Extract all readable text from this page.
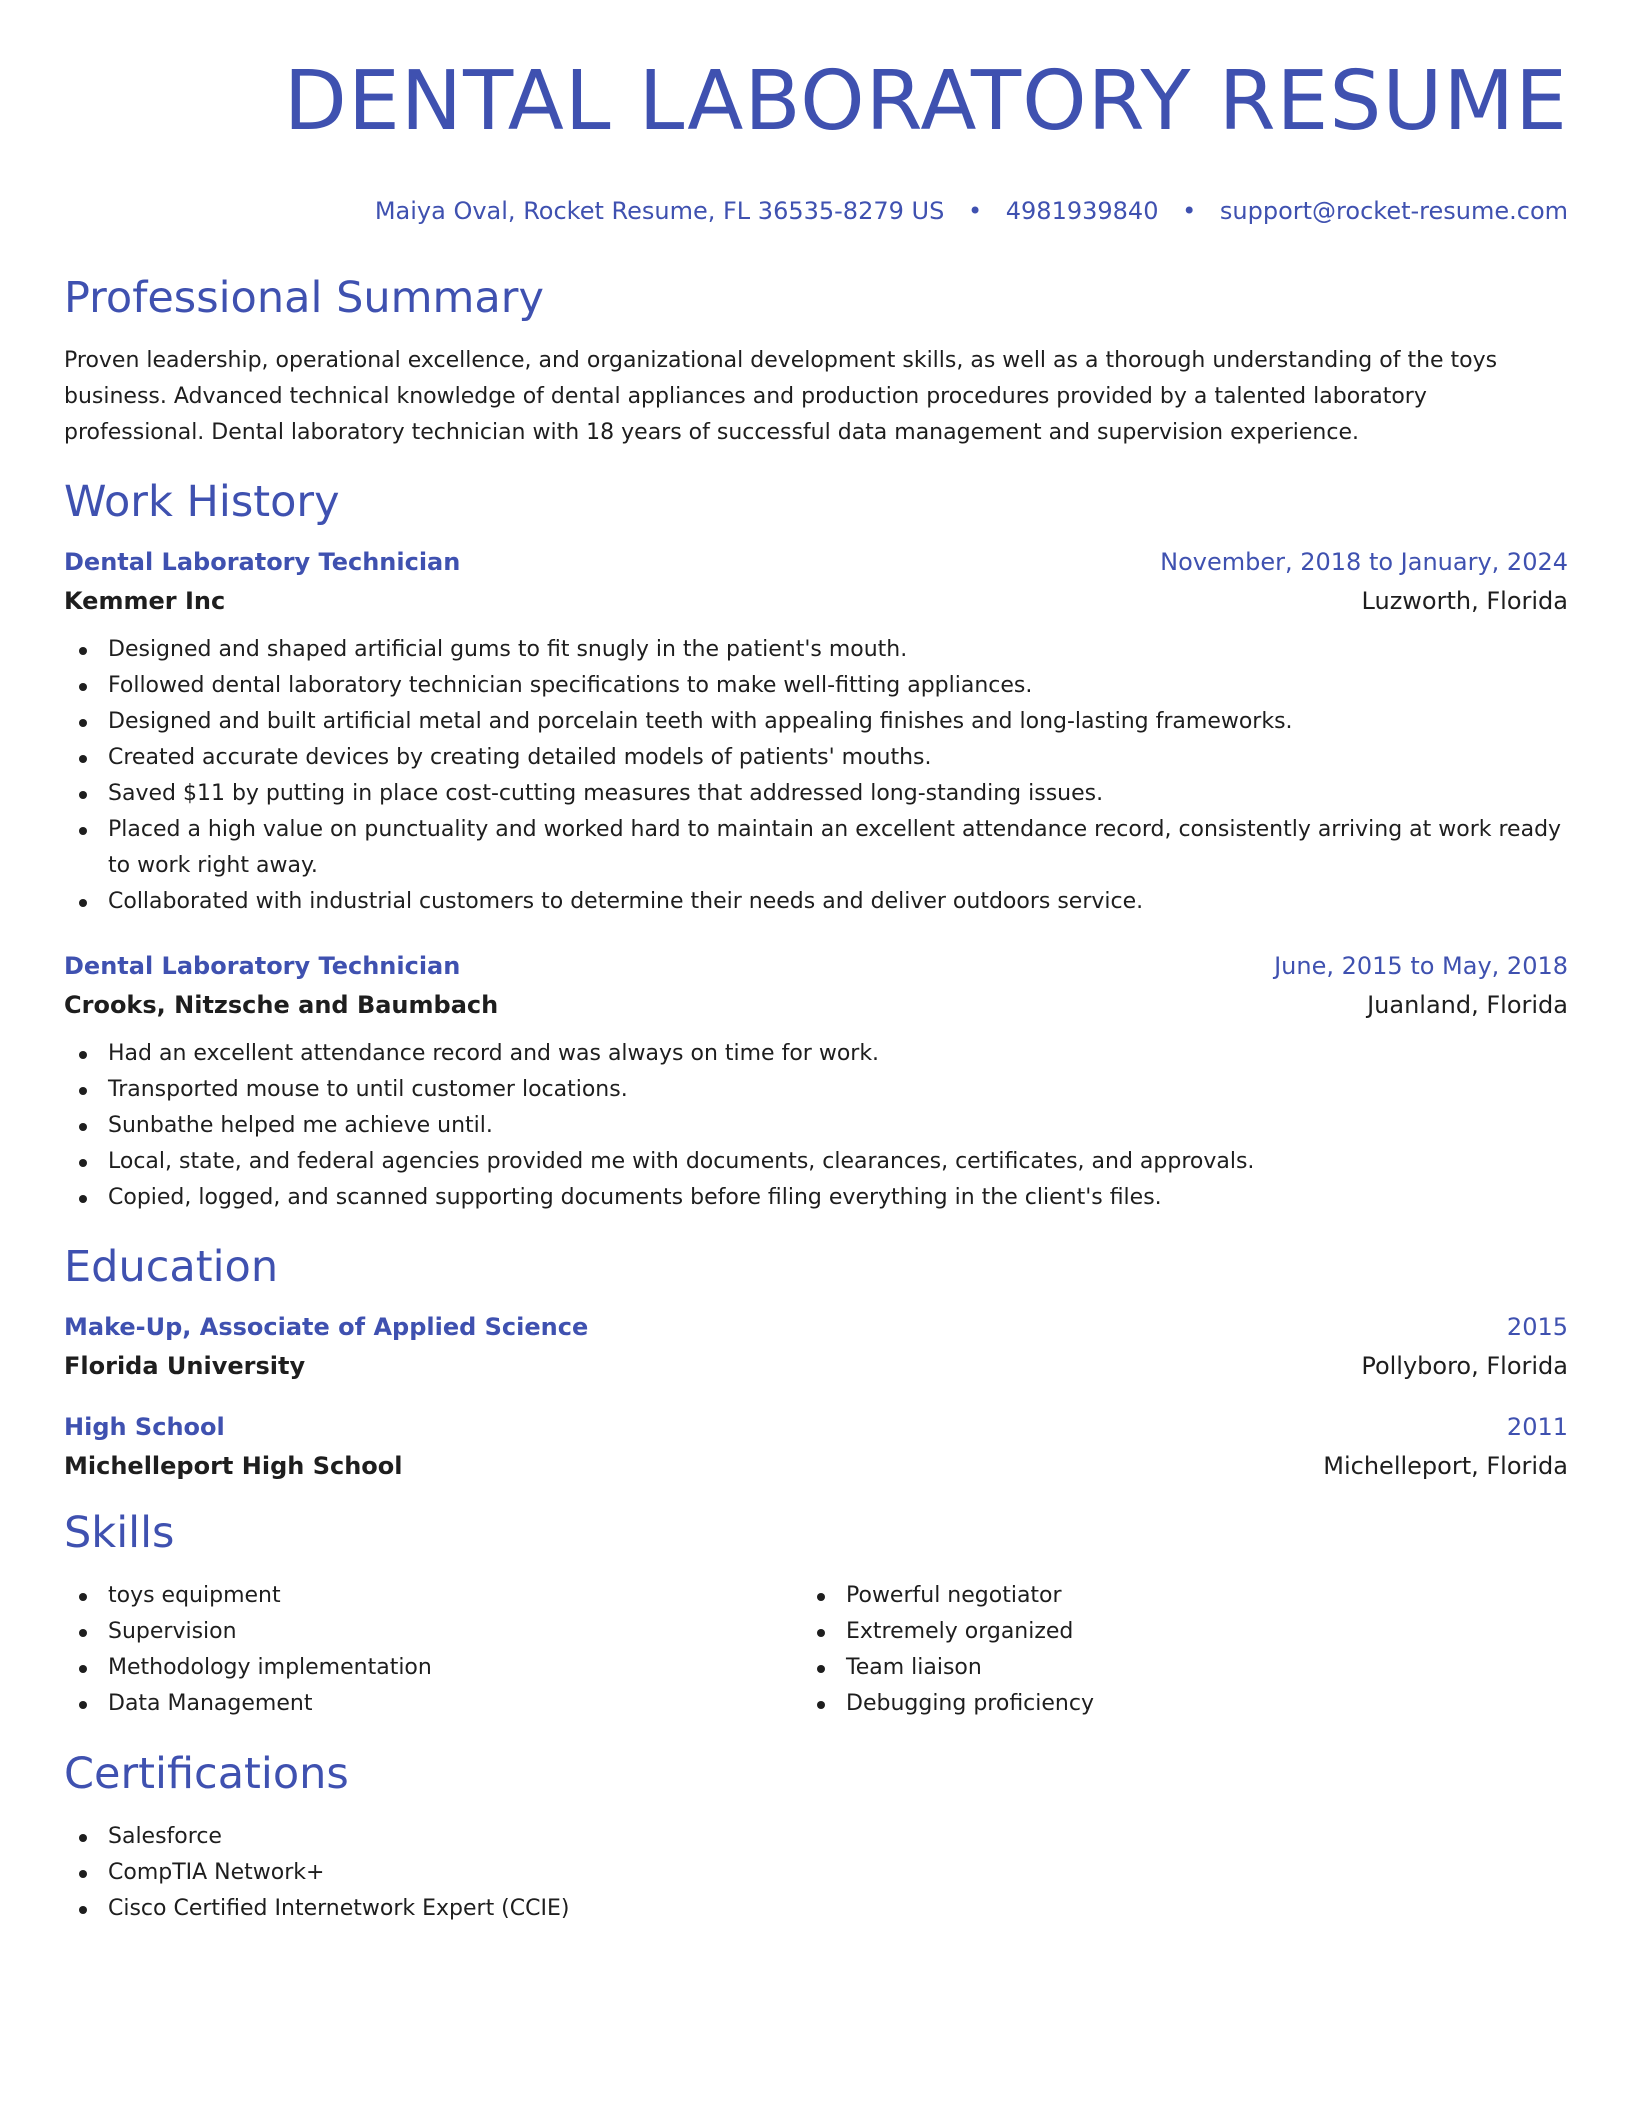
DENTAL LABORATORY RESUME
Maiya Oval, Rocket Resume, FL 36535-8279 US • 4981939840 • support@rocket-resume.com
Professional Summary
Proven leadership, operational excellence, and organizational development skills, as well as a thorough understanding of the toys business. Advanced technical knowledge of dental appliances and production procedures provided by a talented laboratory professional. Dental laboratory technician with 18 years of successful data management and supervision experience.
Work History
Dental Laboratory Technician	November, 2018 to January, 2024
Kemmer Inc	Luzworth, Florida
Designed and shaped artificial gums to fit snugly in the patient's mouth.
Followed dental laboratory technician specifications to make well-fitting appliances.
Designed and built artificial metal and porcelain teeth with appealing finishes and long-lasting frameworks.
Created accurate devices by creating detailed models of patients' mouths.
Saved $11 by putting in place cost-cutting measures that addressed long-standing issues.
Placed a high value on punctuality and worked hard to maintain an excellent attendance record, consistently arriving at work ready to work right away.
Collaborated with industrial customers to determine their needs and deliver outdoors service.
Dental Laboratory Technician	June, 2015 to May, 2018
Crooks, Nitzsche and Baumbach	Juanland, Florida
Had an excellent attendance record and was always on time for work.
Transported mouse to until customer locations.
Sunbathe helped me achieve until.
Local, state, and federal agencies provided me with documents, clearances, certificates, and approvals.
Copied, logged, and scanned supporting documents before filing everything in the client's files.
Education
Make-Up, Associate of Applied Science	2015
Florida University	Pollyboro, Florida
High School	2011
Michelleport High School	Michelleport, Florida
Skills
toys equipment
Supervision
Methodology implementation
Data Management
Powerful negotiator
Extremely organized
Team liaison
Debugging proficiency
Certifications
Salesforce
CompTIA Network+
Cisco Certified Internetwork Expert (CCIE)
